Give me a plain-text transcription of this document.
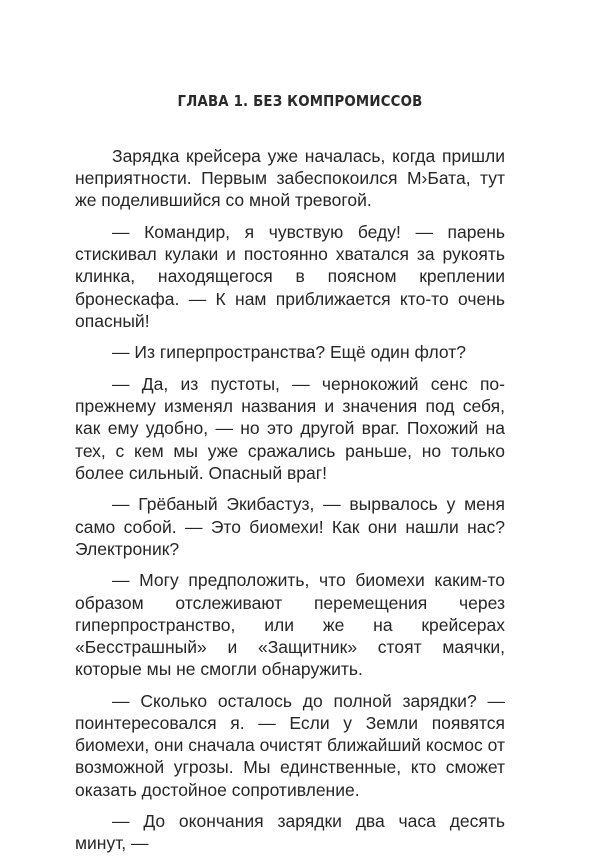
ГЛАВА 1. БЕЗ КОМПРОМИССОВ

Зарядка крейсера уже началась, когда пришли неприятности. Первым забеспокоился М›Бата, тут же поделившийся со мной тревогой.

— Командир, я чувствую беду! — парень стискивал кулаки и постоянно хватался за рукоять клинка, находящегося в поясном креплении бронескафа. — К нам приближается кто-то очень опасный!

— Из гиперпространства? Ещё один флот?

— Да, из пустоты, — чернокожий сенс по-прежнему изменял названия и значения под себя, как ему удобно, — но это другой враг. Похожий на тех, с кем мы уже сражались раньше, но только более сильный. Опасный враг!

— Грёбаный Экибастуз, — вырвалось у меня само собой. — Это биомехи! Как они нашли нас? Электроник?

— Могу предположить, что биомехи каким-то образом отслеживают перемещения через гиперпространство, или же на крейсерах «Бесстрашный» и «Защитник» стоят маячки, которые мы не смогли обнаружить.

— Сколько осталось до полной зарядки? — поинтересовался я. — Если у Земли появятся биомехи, они сначала очистят ближайший космос от возможной угрозы. Мы единственные, кто сможет оказать достойное сопротивление.

— До окончания зарядки два часа десять минут, —
